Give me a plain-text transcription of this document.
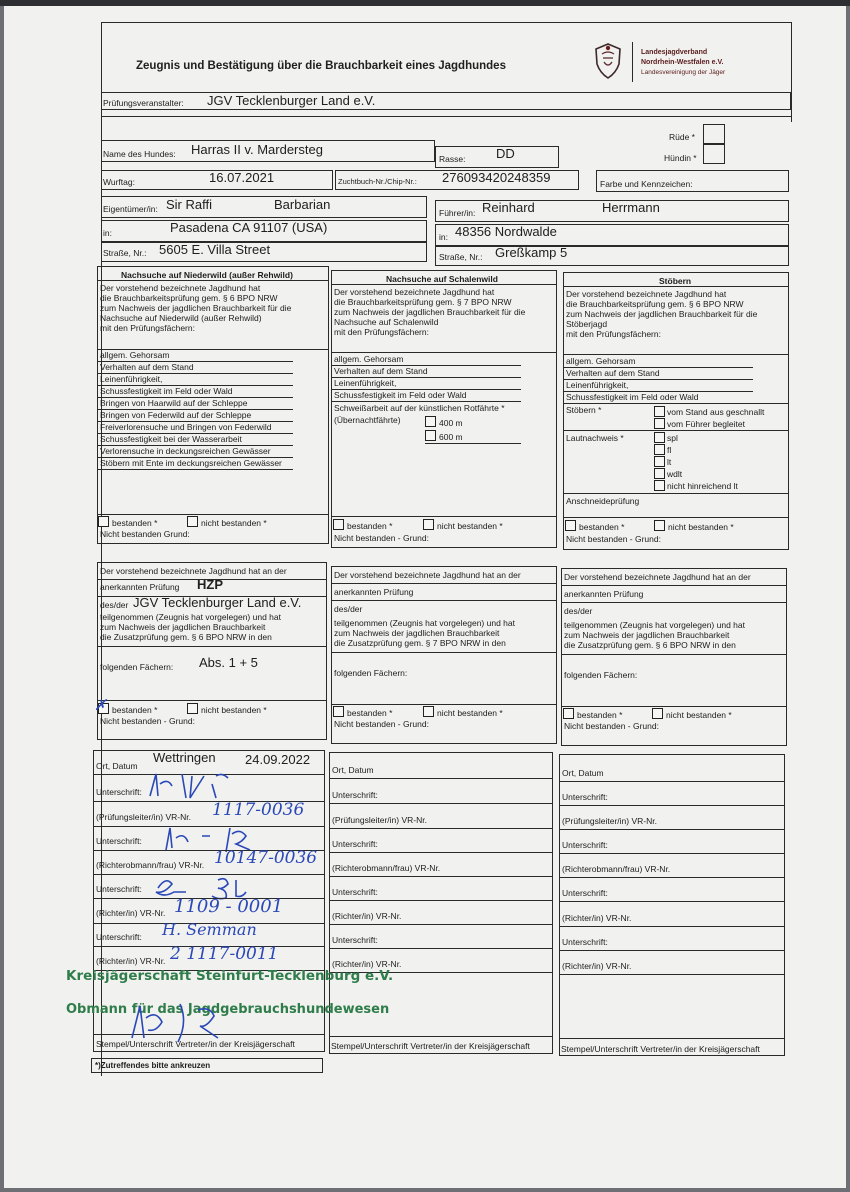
Zeugnis und Bestätigung über die Brauchbarkeit eines Jagdhundes
Landesjagdverband
Nordrhein-Westfalen e.V.
Landesvereinigung der Jäger
Prüfungsveranstalter: JGV Tecklenburger Land e.V.
Rüde *
Hündin *
Name des Hundes: Harras II v. Mardersteg
Rasse: DD
Wurftag:	16.07.2021	Zuchtbuch-Nr./Chip-Nr.: 276093420248359	Farbe und Kennzeichen:
Eigentümer/in: Sir Raffi	Barbarian
Führer/in: Reinhard	Herrmann
in:	Pasadena CA 91107 (USA)
in: 48356 Nordwalde
Straße, Nr.: 5605 E. Villa Street	Straße, Nr.: Greßkamp 5
Nachsuche auf Niederwild (außer Rehwild)
Der vorstehend bezeichnete Jagdhund hat
die Brauchbarkeitsprüfung gem. § 6 BPO NRW
zum Nachweis der jagdlichen Brauchbarkeit für die
Nachsuche auf Niederwild (außer Rehwild)
mit den Prüfungsfächern:
allgem. Gehorsam
Verhalten auf dem Stand
Leinenführigkeit,
Schussfestigkeit im Feld oder Wald
Bringen von Haarwild auf der Schleppe
Bringen von Federwild auf der Schleppe
Freiverlorensuche und Bringen von Federwild
Schussfestigkeit bei der Wasserarbeit
Verlorensuche in deckungsreichen Gewässer
Stöbern mit Ente im deckungsreichen Gewässer
bestanden *	nicht bestanden *
Nicht bestanden Grund:
Nachsuche auf Schalenwild
Der vorstehend bezeichnete Jagdhund hat
die Brauchbarkeitsprüfung gem. § 7 BPO NRW
zum Nachweis der jagdlichen Brauchbarkeit für die
Nachsuche auf Schalenwild
mit den Prüfungsfächern:
allgem. Gehorsam
Verhalten auf dem Stand
Leinenführigkeit,
Schussfestigkeit im Feld oder Wald
Schweißarbeit auf der künstlichen Rotfährte *
(Übernachtfährte)	400 m
600 m
bestanden *	nicht bestanden *
Nicht bestanden - Grund:
Stöbern
Der vorstehend bezeichnete Jagdhund hat
die Brauchbarkeitsprüfung gem. § 6 BPO NRW
zum Nachweis der jagdlichen Brauchbarkeit für die
Stöberjagd
mit den Prüfungsfächern:
allgem. Gehorsam
Verhalten auf dem Stand
Leinenführigkeit,
Schussfestigkeit im Feld oder Wald
Stöbern *	vom Stand aus geschnallt
vom Führer begleitet
Lautnachweis *	spl
fl
lt
wdlt
nicht hinreichend lt
Anschneideprüfung
bestanden *	nicht bestanden *
Nicht bestanden - Grund:
Der vorstehend bezeichnete Jagdhund hat an der
anerkannten Prüfung HZP
des/der JGV Tecklenburger Land e.V.
teilgenommen (Zeugnis hat vorgelegen) und hat
zum Nachweis der jagdlichen Brauchbarkeit
die Zusatzprüfung gem. § 6 BPO NRW in den
folgenden Fächern: Abs. 1 + 5
✗ bestanden *	nicht bestanden *
Nicht bestanden - Grund:
Der vorstehend bezeichnete Jagdhund hat an der
anerkannten Prüfung
des/der
teilgenommen (Zeugnis hat vorgelegen) und hat
zum Nachweis der jagdlichen Brauchbarkeit
die Zusatzprüfung gem. § 7 BPO NRW in den
folgenden Fächern:
bestanden *	nicht bestanden *
Nicht bestanden - Grund:
Der vorstehend bezeichnete Jagdhund hat an der
anerkannten Prüfung
des/der
teilgenommen (Zeugnis hat vorgelegen) und hat
zum Nachweis der jagdlichen Brauchbarkeit
die Zusatzprüfung gem. § 6 BPO NRW in den
folgenden Fächern:
bestanden *	nicht bestanden *
Nicht bestanden - Grund:
Ort, Datum
Wettringen 24.09.2022
Unterschrift:
(Prüfungsleiter/in) VR-Nr. 1117-0036
Unterschrift:
(Richterobmann/frau) VR-Nr. 10147-0036
Unterschrift:
(Richter/in) VR-Nr. 1109 - 0001
Unterschrift: H. Semman
(Richter/in) VR-Nr. 2 1117-0011
Stempel/Unterschrift Vertreter/in der Kreisjägerschaft
Ort, Datum
Unterschrift:
(Prüfungsleiter/in) VR-Nr.
Unterschrift:
(Richterobmann/frau) VR-Nr.
Unterschrift:
(Richter/in) VR-Nr.
Unterschrift:
(Richter/in) VR-Nr.
Stempel/Unterschrift Vertreter/in der Kreisjägerschaft
Ort, Datum
Unterschrift:
(Prüfungsleiter/in) VR-Nr.
Unterschrift:
(Richterobmann/frau) VR-Nr.
Unterschrift:
(Richter/in) VR-Nr.
Unterschrift:
(Richter/in) VR-Nr.
Stempel/Unterschrift Vertreter/in der Kreisjägerschaft
Kreisjägerschaft Steinfurt-Tecklenburg e.V.
Obmann für das Jagdgebrauchshundewesen
*)Zutreffendes bitte ankreuzen
